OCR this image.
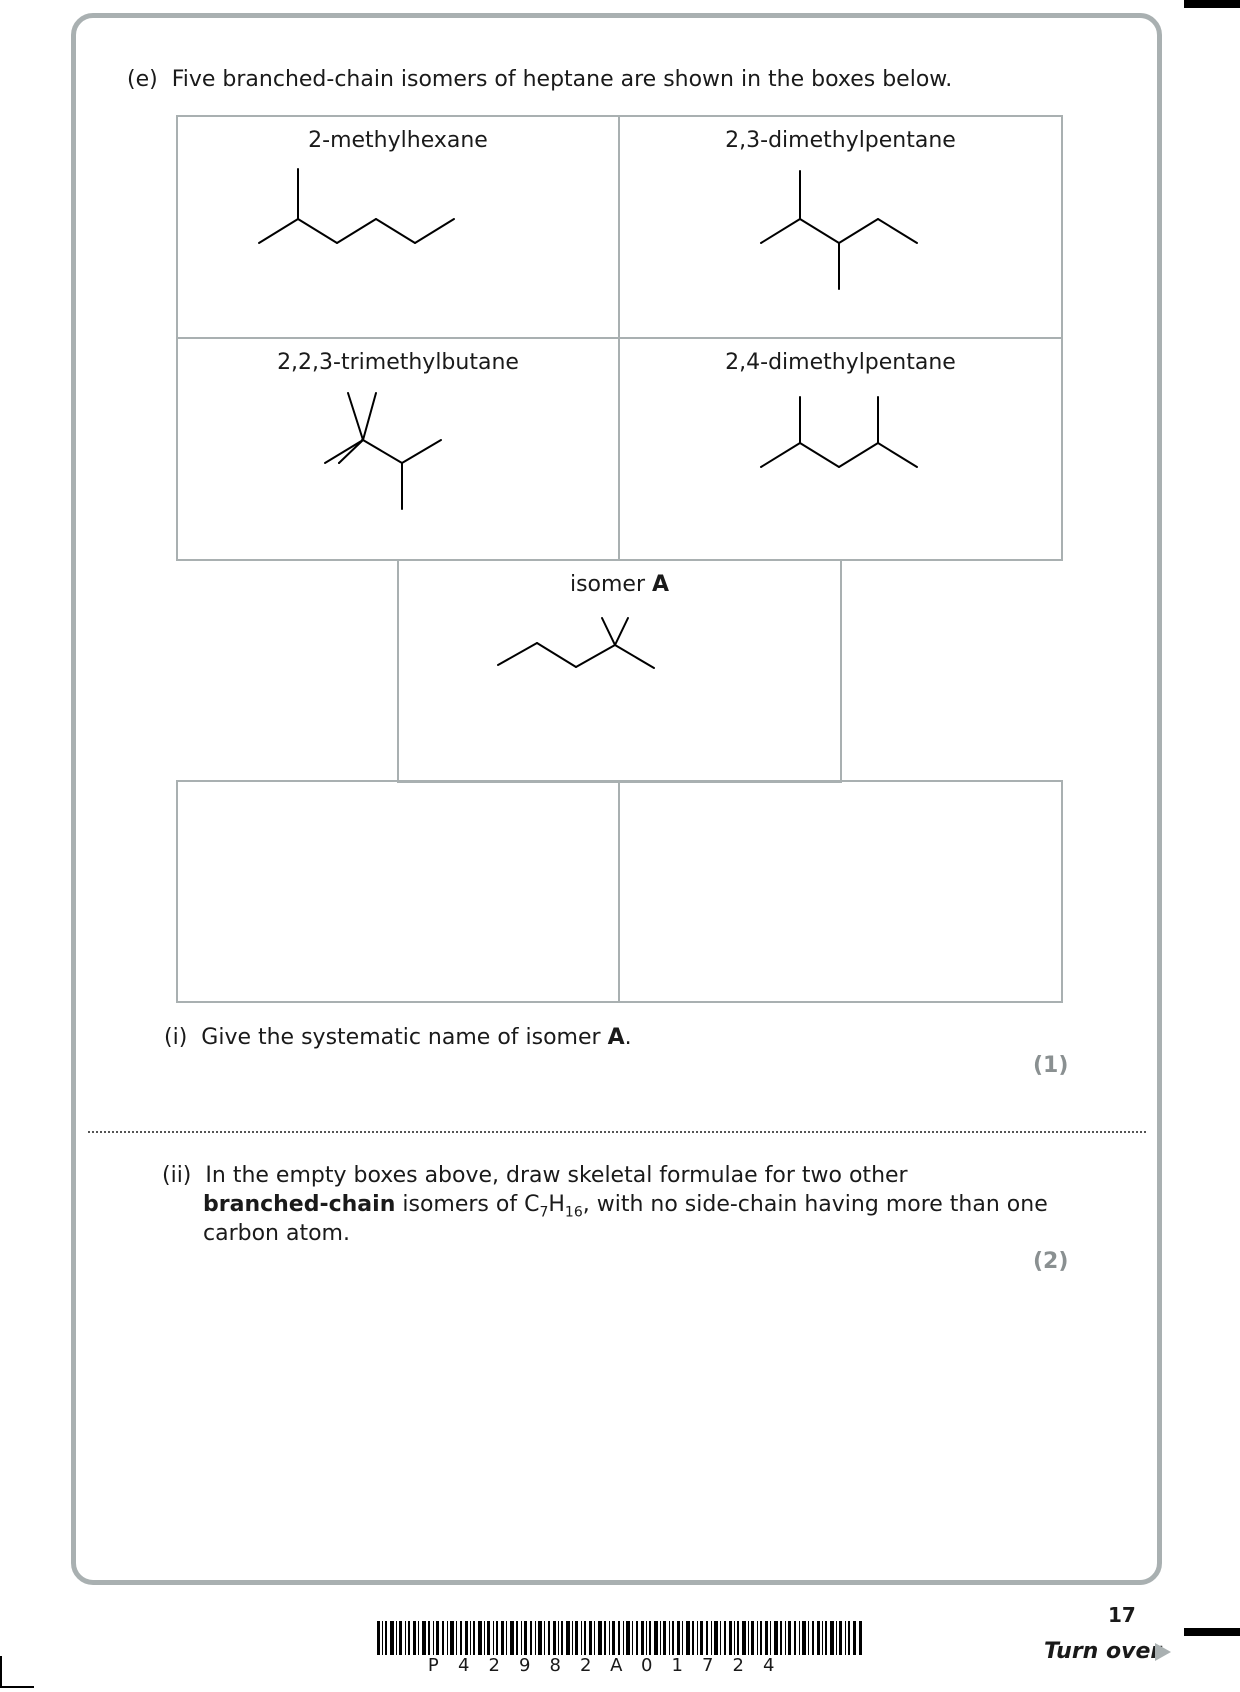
(e) Five branched-chain isomers of heptane are shown in the boxes below.
2-methylhexane	2,3-dimethylpentane
2,2,3-trimethylbutane	2,4-dimethylpentane
isomer A
(i) Give the systematic name of isomer A.
(1)
(ii) In the empty boxes above, draw skeletal formulae for two other
branched-chain isomers of $C_7H_{16}$, with no side-chain having more than one
carbon atom.
(2)
P 4 2 9 8 2 A 0 1 7 2 4
17
Turn over
